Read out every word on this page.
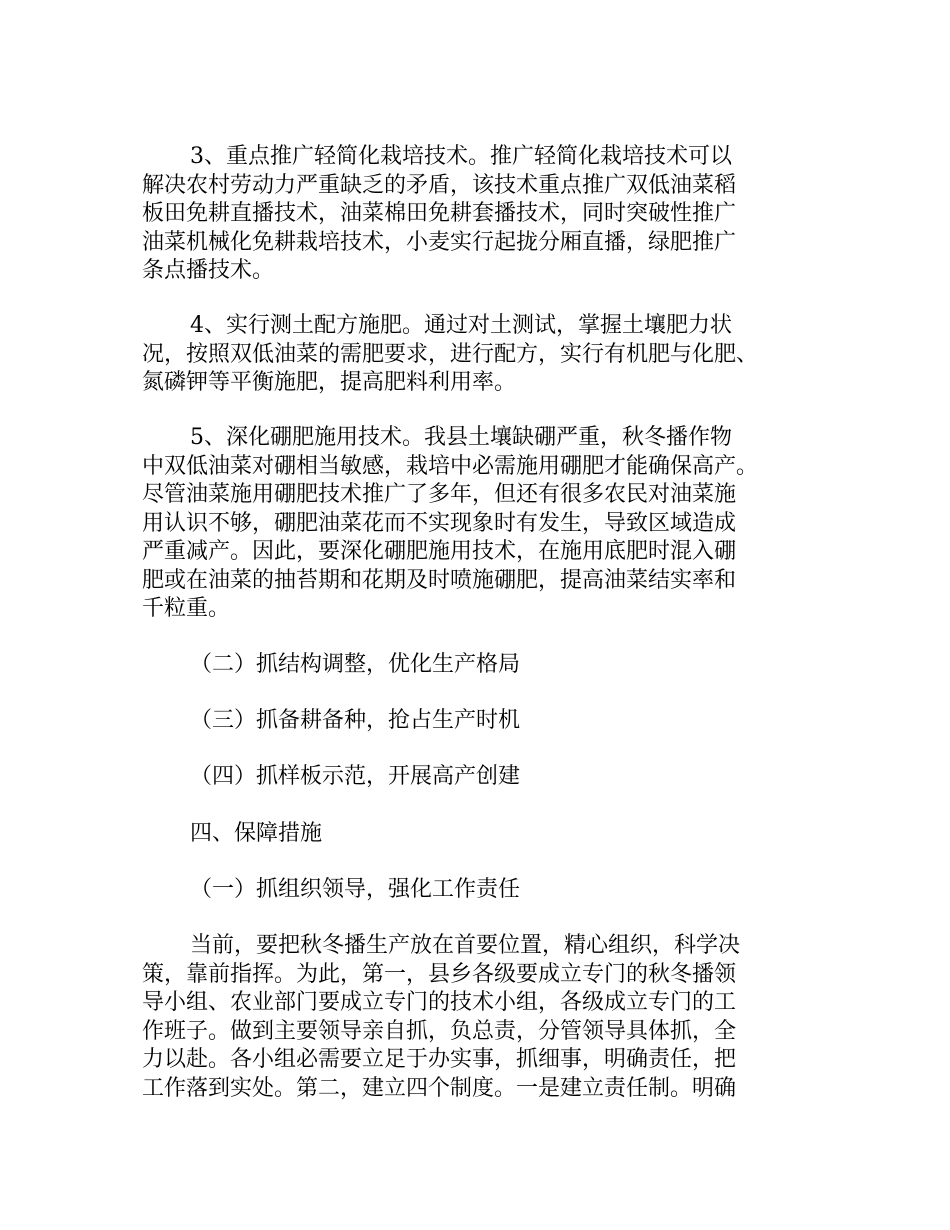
3、重点推广轻简化栽培技术。推广轻简化栽培技术可以
解决农村劳动力严重缺乏的矛盾，该技术重点推广双低油菜稻
板田免耕直播技术，油菜棉田免耕套播技术，同时突破性推广
油菜机械化免耕栽培技术，小麦实行起拢分厢直播，绿肥推广
条点播技术。
4、实行测土配方施肥。通过对土测试，掌握土壤肥力状
况，按照双低油菜的需肥要求，进行配方，实行有机肥与化肥、
氮磷钾等平衡施肥，提高肥料利用率。
5、深化硼肥施用技术。我县土壤缺硼严重，秋冬播作物
中双低油菜对硼相当敏感，栽培中必需施用硼肥才能确保高产。
尽管油菜施用硼肥技术推广了多年，但还有很多农民对油菜施
用认识不够，硼肥油菜花而不实现象时有发生，导致区域造成
严重减产。因此，要深化硼肥施用技术，在施用底肥时混入硼
肥或在油菜的抽苔期和花期及时喷施硼肥，提高油菜结实率和
千粒重。
（二）抓结构调整，优化生产格局
（三）抓备耕备种，抢占生产时机
（四）抓样板示范，开展高产创建
四、保障措施
（一）抓组织领导，强化工作责任
当前，要把秋冬播生产放在首要位置，精心组织，科学决
策，靠前指挥。为此，第一，县乡各级要成立专门的秋冬播领
导小组、农业部门要成立专门的技术小组，各级成立专门的工
作班子。做到主要领导亲自抓，负总责，分管领导具体抓，全
力以赴。各小组必需要立足于办实事，抓细事，明确责任，把
工作落到实处。第二，建立四个制度。一是建立责任制。明确
